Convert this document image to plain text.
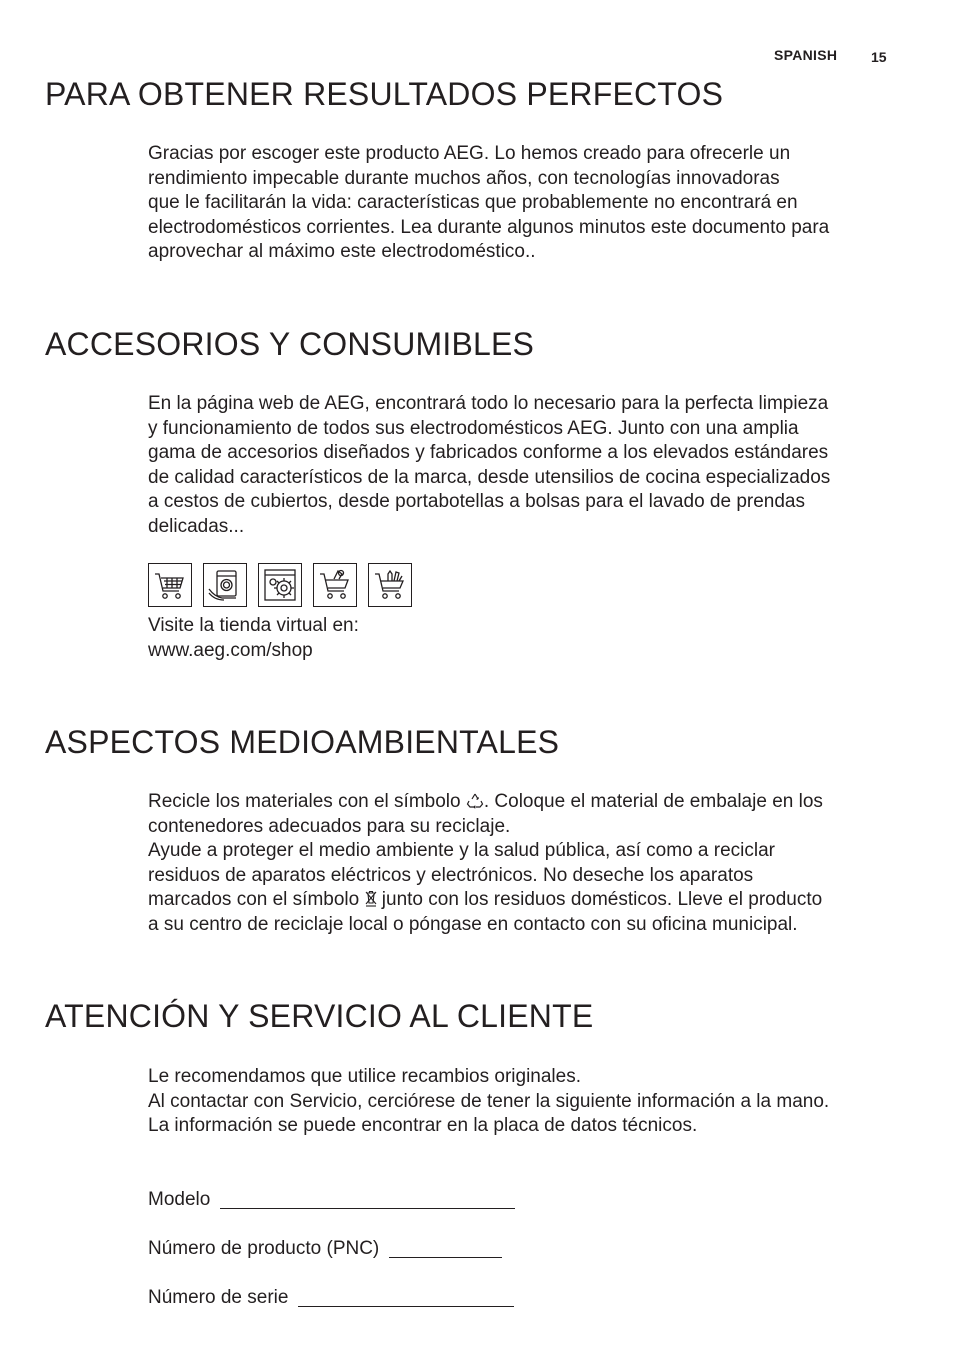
SPANISH 15
PARA OBTENER RESULTADOS PERFECTOS
Gracias por escoger este producto AEG. Lo hemos creado para ofrecerle un
rendimiento impecable durante muchos años, con tecnologías innovadoras
que le facilitarán la vida: características que probablemente no encontrará en
electrodomésticos corrientes. Lea durante algunos minutos este documento para
aprovechar al máximo este electrodoméstico..
ACCESORIOS Y CONSUMIBLES
En la página web de AEG, encontrará todo lo necesario para la perfecta limpieza
y funcionamiento de todos sus electrodomésticos AEG. Junto con una amplia
gama de accesorios diseñados y fabricados conforme a los elevados estándares
de calidad característicos de la marca, desde utensilios de cocina especializados
a cestos de cubiertos, desde portabotellas a bolsas para el lavado de prendas
delicadas...
Visite la tienda virtual en:
www.aeg.com/shop
ASPECTOS MEDIOAMBIENTALES
Recicle los materiales con el símbolo
. Coloque el material de embalaje en los
contenedores adecuados para su reciclaje.
Ayude a proteger el medio ambiente y la salud pública, así como a reciclar
residuos de aparatos eléctricos y electrónicos. No deseche los aparatos
marcados con el símbolo
junto con los residuos domésticos. Lleve el producto
a su centro de reciclaje local o póngase en contacto con su oficina municipal.
ATENCIÓN Y SERVICIO AL CLIENTE
Le recomendamos que utilice recambios originales.
Al contactar con Servicio, cerciórese de tener la siguiente información a la mano.
La información se puede encontrar en la placa de datos técnicos.
Modelo
Número de producto (PNC)
Número de serie
